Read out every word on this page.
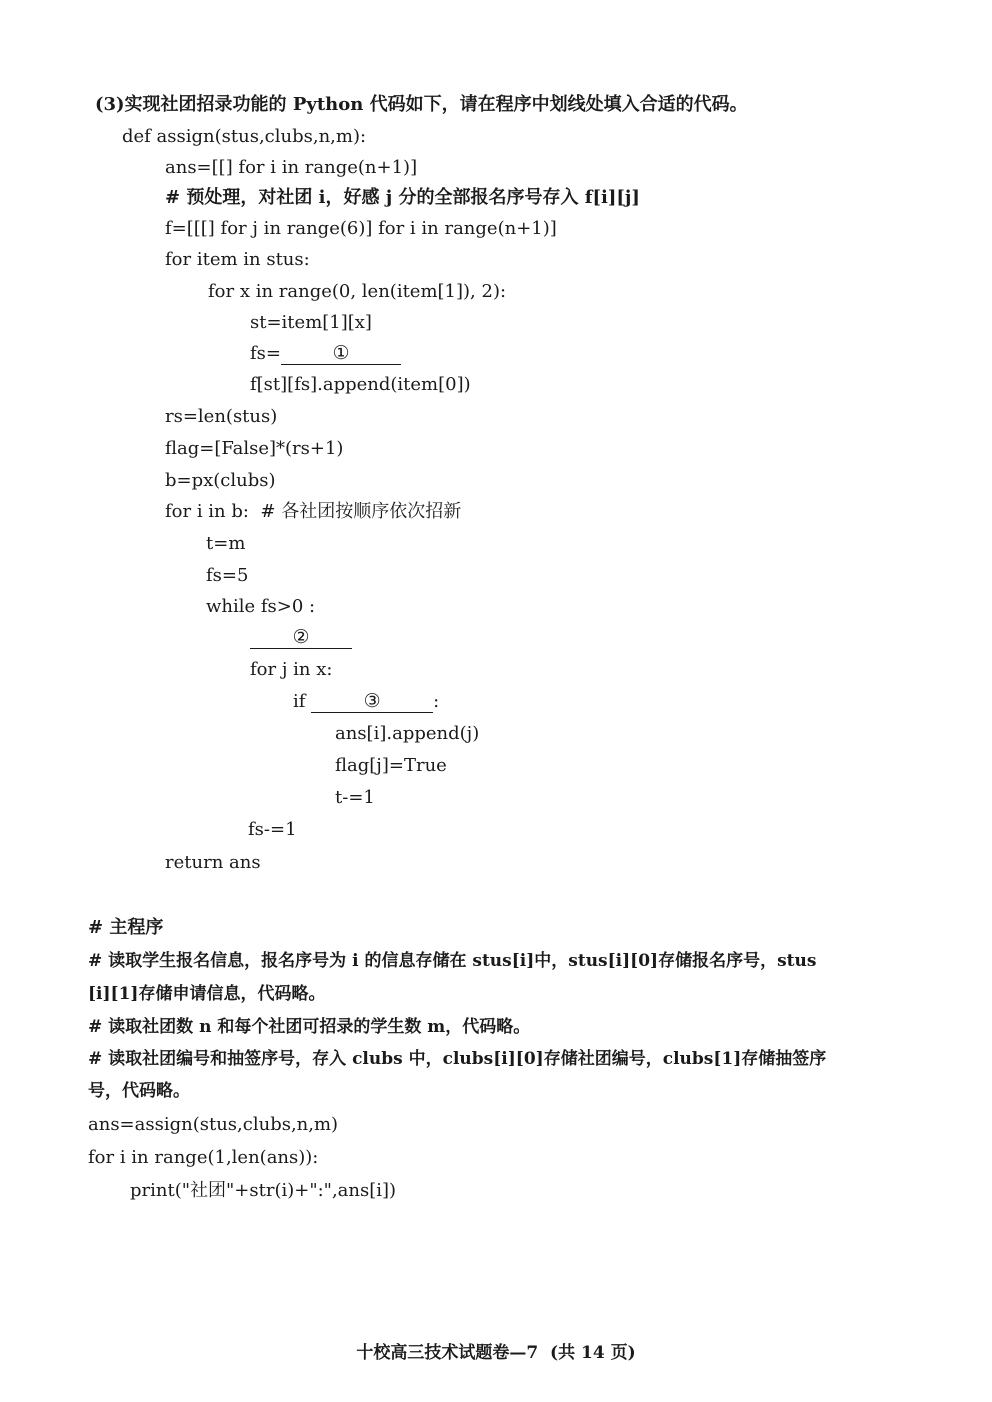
(3)实现社团招录功能的 Python 代码如下，请在程序中划线处填入合适的代码。
def assign(stus,clubs,n,m):
ans=[[] for i in range(n+1)]
# 预处理，对社团 i，好感 j 分的全部报名序号存入 f[i][j]
f=[[[] for j in range(6)] for i in range(n+1)]
for item in stus:
for x in range(0, len(item[1]), 2):
st=item[1][x]
fs=	①
f[st][fs].append(item[0])
rs=len(stus)
flag=[False]*(rs+1)
b=px(clubs)
for i in b:  # 各社团按顺序依次招新
t=m
fs=5
while fs>0 :
②
for j in x:
if	③	:
ans[i].append(j)
flag[j]=True
t-=1
fs-=1
return ans
# 主程序
# 读取学生报名信息，报名序号为 i 的信息存储在 stus[i]中，stus[i][0]存储报名序号，stus
[i][1]存储申请信息，代码略。
# 读取社团数 n 和每个社团可招录的学生数 m，代码略。
# 读取社团编号和抽签序号，存入 clubs 中，clubs[i][0]存储社团编号，clubs[1]存储抽签序
号，代码略。
ans=assign(stus,clubs,n,m)
for i in range(1,len(ans)):
print("社团"+str(i)+":",ans[i])
十校高三技术试题卷—7  (共 14 页)
